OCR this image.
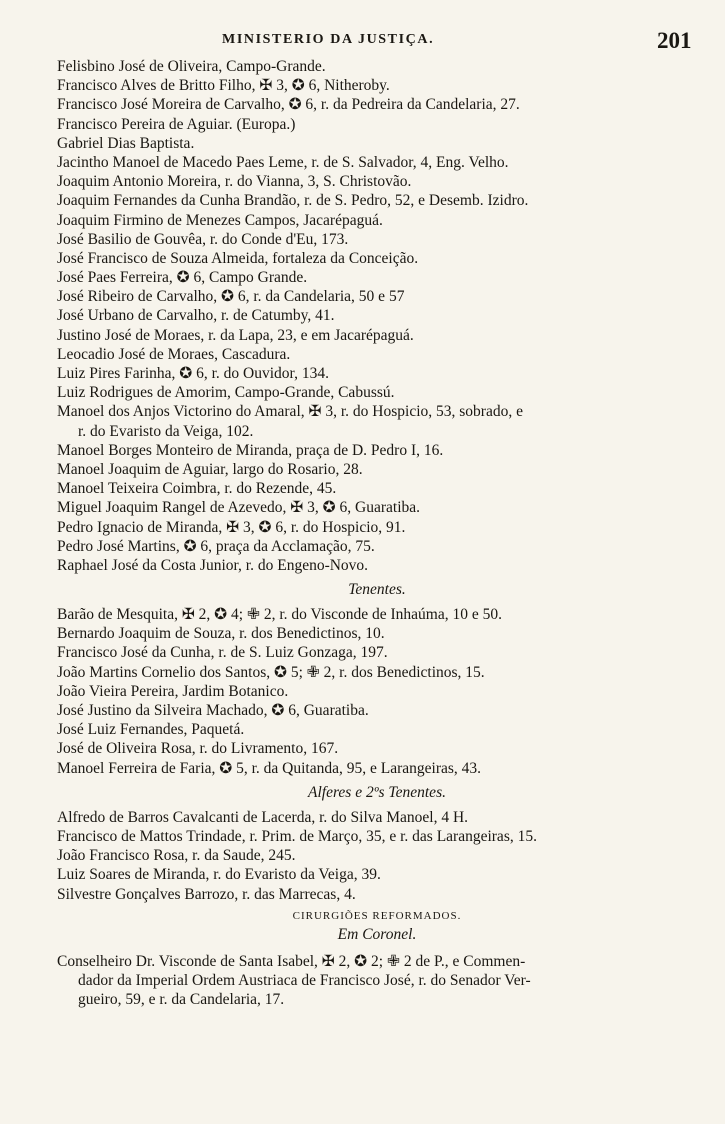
MINISTERIO DA JUSTIÇA.	201
Felisbino José de Oliveira, Campo-Grande.
Francisco Alves de Britto Filho, ✠ 3, ✪ 6, Nitheroby.
Francisco José Moreira de Carvalho, ✪ 6, r. da Pedreira da Candelaria, 27.
Francisco Pereira de Aguiar. (Europa.)
Gabriel Dias Baptista.
Jacintho Manoel de Macedo Paes Leme, r. de S. Salvador, 4, Eng. Velho.
Joaquim Antonio Moreira, r. do Vianna, 3, S. Christovão.
Joaquim Fernandes da Cunha Brandão, r. de S. Pedro, 52, e Desemb. Izidro.
Joaquim Firmino de Menezes Campos, Jacarépaguá.
José Basilio de Gouvêa, r. do Conde d'Eu, 173.
José Francisco de Souza Almeida, fortaleza da Conceição.
José Paes Ferreira, ✪ 6, Campo Grande.
José Ribeiro de Carvalho, ✪ 6, r. da Candelaria, 50 e 57
José Urbano de Carvalho, r. de Catumby, 41.
Justino José de Moraes, r. da Lapa, 23, e em Jacarépaguá.
Leocadio José de Moraes, Cascadura.
Luiz Pires Farinha, ✪ 6, r. do Ouvidor, 134.
Luiz Rodrigues de Amorim, Campo-Grande, Cabussú.
Manoel dos Anjos Victorino do Amaral, ✠ 3, r. do Hospicio, 53, sobrado, e
r. do Evaristo da Veiga, 102.
Manoel Borges Monteiro de Miranda, praça de D. Pedro I, 16.
Manoel Joaquim de Aguiar, largo do Rosario, 28.
Manoel Teixeira Coimbra, r. do Rezende, 45.
Miguel Joaquim Rangel de Azevedo, ✠ 3, ✪ 6, Guaratiba.
Pedro Ignacio de Miranda, ✠ 3, ✪ 6, r. do Hospicio, 91.
Pedro José Martins, ✪ 6, praça da Acclamação, 75.
Raphael José da Costa Junior, r. do Engeno-Novo.
Tenentes.
Barão de Mesquita, ✠ 2, ✪ 4; ✙ 2, r. do Visconde de Inhaúma, 10 e 50.
Bernardo Joaquim de Souza, r. dos Benedictinos, 10.
Francisco José da Cunha, r. de S. Luiz Gonzaga, 197.
João Martins Cornelio dos Santos, ✪ 5; ✙ 2, r. dos Benedictinos, 15.
João Vieira Pereira, Jardim Botanico.
José Justino da Silveira Machado, ✪ 6, Guaratiba.
José Luiz Fernandes, Paquetá.
José de Oliveira Rosa, r. do Livramento, 167.
Manoel Ferreira de Faria, ✪ 5, r. da Quitanda, 95, e Larangeiras, 43.
Alferes e 2ºs Tenentes.
Alfredo de Barros Cavalcanti de Lacerda, r. do Silva Manoel, 4 H.
Francisco de Mattos Trindade, r. Prim. de Março, 35, e r. das Larangeiras, 15.
João Francisco Rosa, r. da Saude, 245.
Luiz Soares de Miranda, r. do Evaristo da Veiga, 39.
Silvestre Gonçalves Barrozo, r. das Marrecas, 4.
CIRURGIÕES REFORMADOS.
Em Coronel.
Conselheiro Dr. Visconde de Santa Isabel, ✠ 2, ✪ 2; ✙ 2 de P., e Commen-
dador da Imperial Ordem Austriaca de Francisco José, r. do Senador Ver-
gueiro, 59, e r. da Candelaria, 17.
